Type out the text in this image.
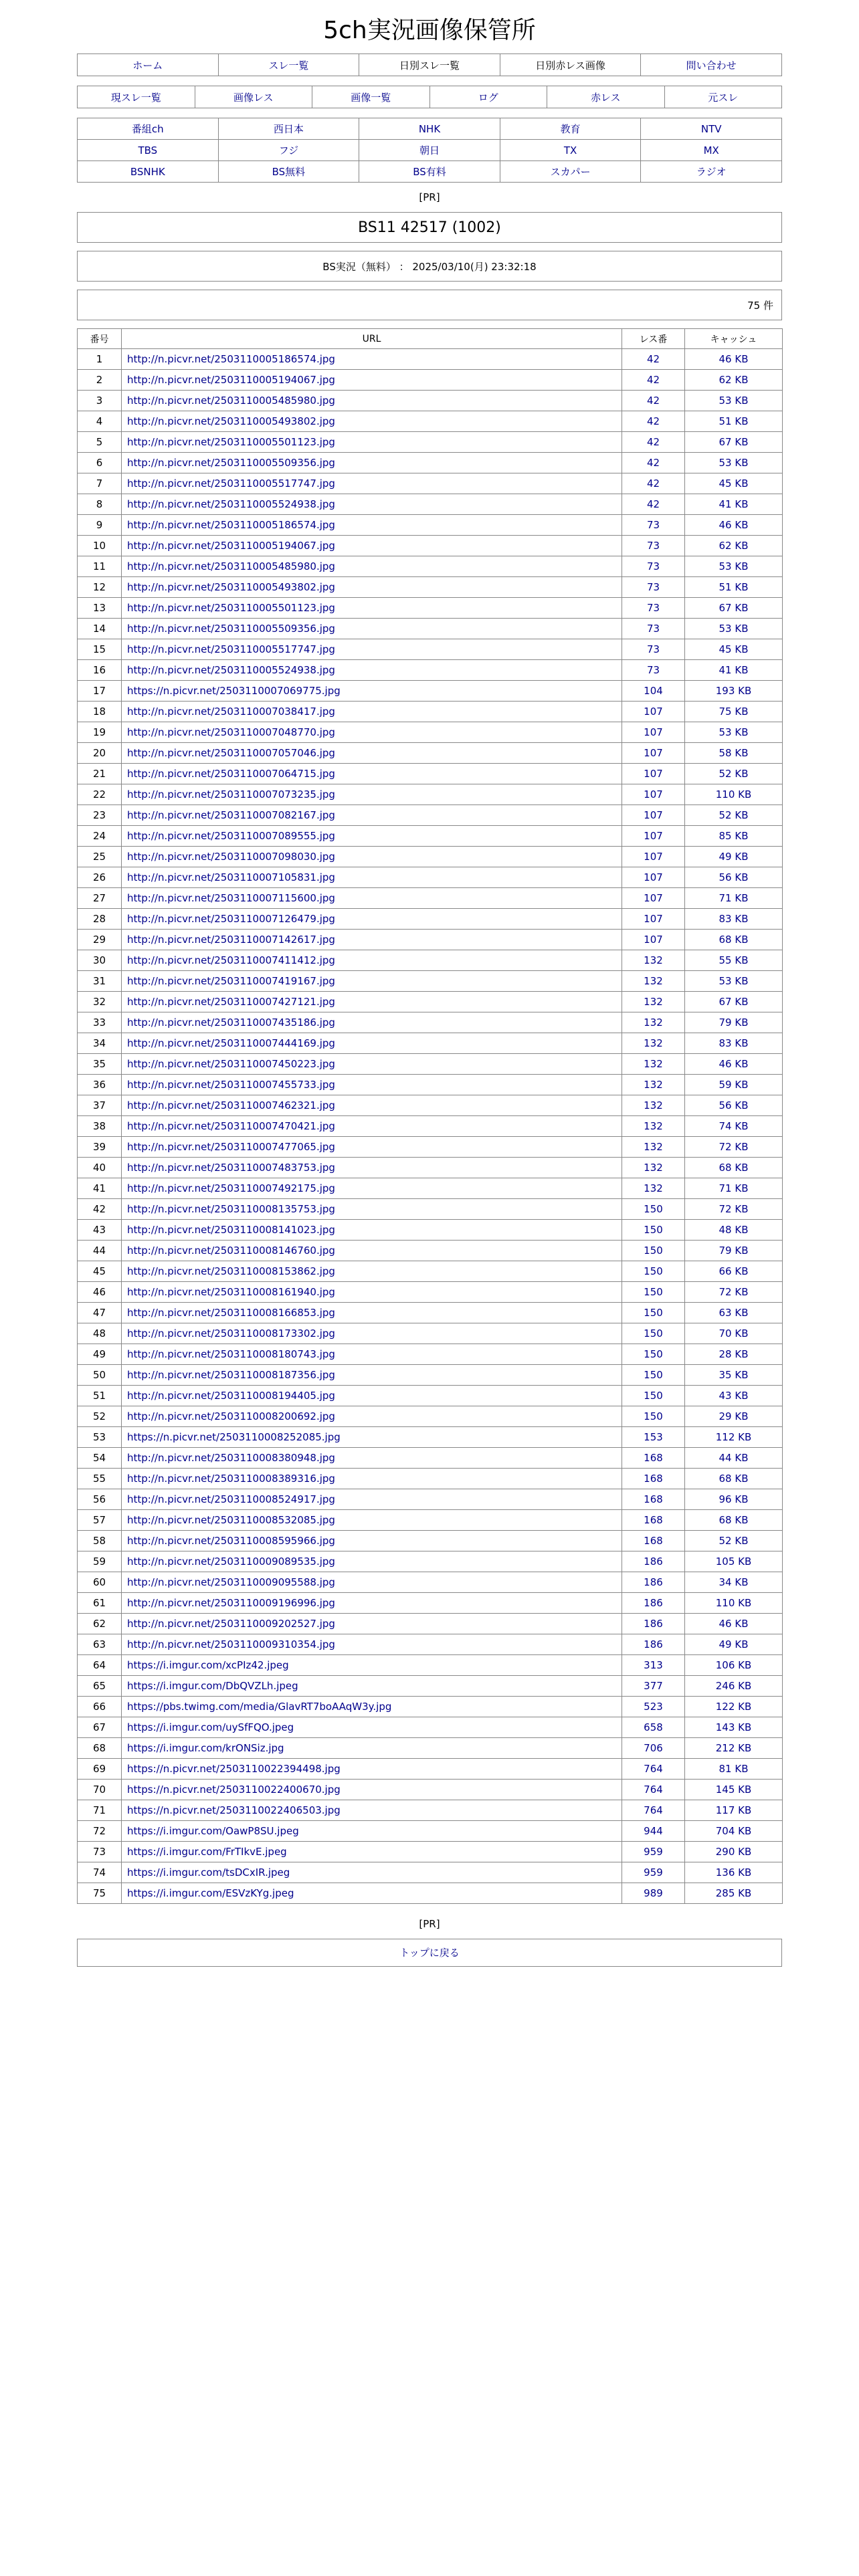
5ch実況画像保管所
ホーム	スレ一覧	日別スレ一覧	日別赤レス画像	問い合わせ
現スレ一覧	画像レス	画像一覧	ログ	赤レス	元スレ
番組ch	西日本	NHK	教育	NTV
TBS	フジ	朝日	TX	MX
BSNHK	BS無料	BS有料	スカパー	ラジオ
[PR]
BS11 42517 (1002)
BS実況（無料） ： 2025/03/10(月) 23:32:18
75 件
番号	URL	レス番	キャッシュ
1	http://n.picvr.net/2503110005186574.jpg	42	46 KB
2	http://n.picvr.net/2503110005194067.jpg	42	62 KB
3	http://n.picvr.net/2503110005485980.jpg	42	53 KB
4	http://n.picvr.net/2503110005493802.jpg	42	51 KB
5	http://n.picvr.net/2503110005501123.jpg	42	67 KB
6	http://n.picvr.net/2503110005509356.jpg	42	53 KB
7	http://n.picvr.net/2503110005517747.jpg	42	45 KB
8	http://n.picvr.net/2503110005524938.jpg	42	41 KB
9	http://n.picvr.net/2503110005186574.jpg	73	46 KB
10	http://n.picvr.net/2503110005194067.jpg	73	62 KB
11	http://n.picvr.net/2503110005485980.jpg	73	53 KB
12	http://n.picvr.net/2503110005493802.jpg	73	51 KB
13	http://n.picvr.net/2503110005501123.jpg	73	67 KB
14	http://n.picvr.net/2503110005509356.jpg	73	53 KB
15	http://n.picvr.net/2503110005517747.jpg	73	45 KB
16	http://n.picvr.net/2503110005524938.jpg	73	41 KB
17	https://n.picvr.net/2503110007069775.jpg	104	193 KB
18	http://n.picvr.net/2503110007038417.jpg	107	75 KB
19	http://n.picvr.net/2503110007048770.jpg	107	53 KB
20	http://n.picvr.net/2503110007057046.jpg	107	58 KB
21	http://n.picvr.net/2503110007064715.jpg	107	52 KB
22	http://n.picvr.net/2503110007073235.jpg	107	110 KB
23	http://n.picvr.net/2503110007082167.jpg	107	52 KB
24	http://n.picvr.net/2503110007089555.jpg	107	85 KB
25	http://n.picvr.net/2503110007098030.jpg	107	49 KB
26	http://n.picvr.net/2503110007105831.jpg	107	56 KB
27	http://n.picvr.net/2503110007115600.jpg	107	71 KB
28	http://n.picvr.net/2503110007126479.jpg	107	83 KB
29	http://n.picvr.net/2503110007142617.jpg	107	68 KB
30	http://n.picvr.net/2503110007411412.jpg	132	55 KB
31	http://n.picvr.net/2503110007419167.jpg	132	53 KB
32	http://n.picvr.net/2503110007427121.jpg	132	67 KB
33	http://n.picvr.net/2503110007435186.jpg	132	79 KB
34	http://n.picvr.net/2503110007444169.jpg	132	83 KB
35	http://n.picvr.net/2503110007450223.jpg	132	46 KB
36	http://n.picvr.net/2503110007455733.jpg	132	59 KB
37	http://n.picvr.net/2503110007462321.jpg	132	56 KB
38	http://n.picvr.net/2503110007470421.jpg	132	74 KB
39	http://n.picvr.net/2503110007477065.jpg	132	72 KB
40	http://n.picvr.net/2503110007483753.jpg	132	68 KB
41	http://n.picvr.net/2503110007492175.jpg	132	71 KB
42	http://n.picvr.net/2503110008135753.jpg	150	72 KB
43	http://n.picvr.net/2503110008141023.jpg	150	48 KB
44	http://n.picvr.net/2503110008146760.jpg	150	79 KB
45	http://n.picvr.net/2503110008153862.jpg	150	66 KB
46	http://n.picvr.net/2503110008161940.jpg	150	72 KB
47	http://n.picvr.net/2503110008166853.jpg	150	63 KB
48	http://n.picvr.net/2503110008173302.jpg	150	70 KB
49	http://n.picvr.net/2503110008180743.jpg	150	28 KB
50	http://n.picvr.net/2503110008187356.jpg	150	35 KB
51	http://n.picvr.net/2503110008194405.jpg	150	43 KB
52	http://n.picvr.net/2503110008200692.jpg	150	29 KB
53	https://n.picvr.net/2503110008252085.jpg	153	112 KB
54	http://n.picvr.net/2503110008380948.jpg	168	44 KB
55	http://n.picvr.net/2503110008389316.jpg	168	68 KB
56	http://n.picvr.net/2503110008524917.jpg	168	96 KB
57	http://n.picvr.net/2503110008532085.jpg	168	68 KB
58	http://n.picvr.net/2503110008595966.jpg	168	52 KB
59	http://n.picvr.net/2503110009089535.jpg	186	105 KB
60	http://n.picvr.net/2503110009095588.jpg	186	34 KB
61	http://n.picvr.net/2503110009196996.jpg	186	110 KB
62	http://n.picvr.net/2503110009202527.jpg	186	46 KB
63	http://n.picvr.net/2503110009310354.jpg	186	49 KB
64	https://i.imgur.com/xcPIz42.jpeg	313	106 KB
65	https://i.imgur.com/DbQVZLh.jpeg	377	246 KB
66	https://pbs.twimg.com/media/GlavRT7boAAqW3y.jpg	523	122 KB
67	https://i.imgur.com/uySfFQO.jpeg	658	143 KB
68	https://i.imgur.com/krONSiz.jpg	706	212 KB
69	https://n.picvr.net/2503110022394498.jpg	764	81 KB
70	https://n.picvr.net/2503110022400670.jpg	764	145 KB
71	https://n.picvr.net/2503110022406503.jpg	764	117 KB
72	https://i.imgur.com/OawP8SU.jpeg	944	704 KB
73	https://i.imgur.com/FrTIkvE.jpeg	959	290 KB
74	https://i.imgur.com/tsDCxIR.jpeg	959	136 KB
75	https://i.imgur.com/ESVzKYg.jpeg	989	285 KB
[PR]
トップに戻る
